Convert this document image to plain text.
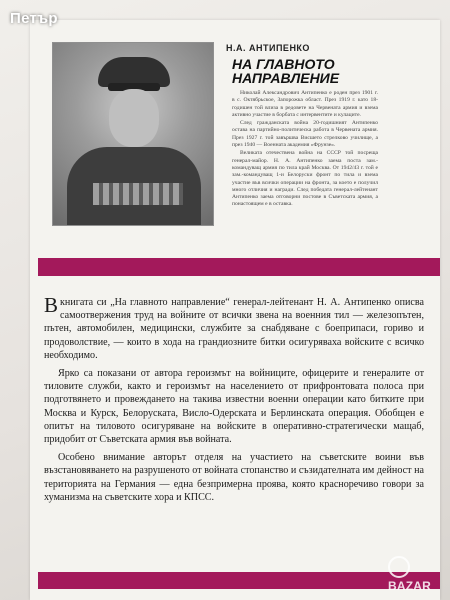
Петър
Н.А. АНТИПЕНКО
НА ГЛАВНОТО
НАПРАВЛЕНИЕ

Николай Александрович Антипенко е роден през 1901 г. в с. Октябрьское, Запорожка област. През 1919 г. като 18-годишен той влиза в редовете на Червената армия и взема активно участие в борбата с интервентите и кулаците.

След гражданската война 20-годишният Антипенко остава на партийно-политическа работа в Червената армия. През 1927 г. той завършва Висшето стрелково училище, а през 1940 — Военната академия «Фрунзе».

Великата отечествена война на СССР той посреща генерал-майор. Н. А. Антипенко заема поста зам.-командуващ армия по тила край Москва. От 1942/43 г. той е зам.-командуващ 1-и Белоруски фронт по тила и взема участие във всички операции на фронта, за което е получил много отличия и награди. След победата генерал-лейтенант Антипенко заема отговорни постове в Съветската армия, а понастоящем е в оставка.

Вкнигата си „На главното направление“ генерал-лейтенант Н. А. Антипенко описва самоотвержения труд на войните от всички звена на военния тил — железопътен, пътен, автомобилен, медицински, службите за снабдяване с боеприпаси, горивo и продоволствие, — които в хода на грандиозните битки осигуряваха войските с всичко необходимо.

Ярко са показани от автора героизмът на войниците, офицерите и генералите от тиловите служби, както и героизмът на населението от прифронтовата полоса при подготвянето и провеждането на такива известни военни операции като битките при Москва и Курск, Белоруската, Висло-Одерската и Берлинската операция. Обобщен е опитът на тиловото осигуряване на войските в оперативно-стратегически мащаб, придобит от Съветската армия във войната.

Особено внимание авторът отделя на участието на съветските воини във възстановяването на разрушеното от войната стопанство и съзидателната им дейност на територията на Германия — една безпримерна проява, която красноречиво говори за хуманизма на съветските хора и КПСС.

BAZAR
